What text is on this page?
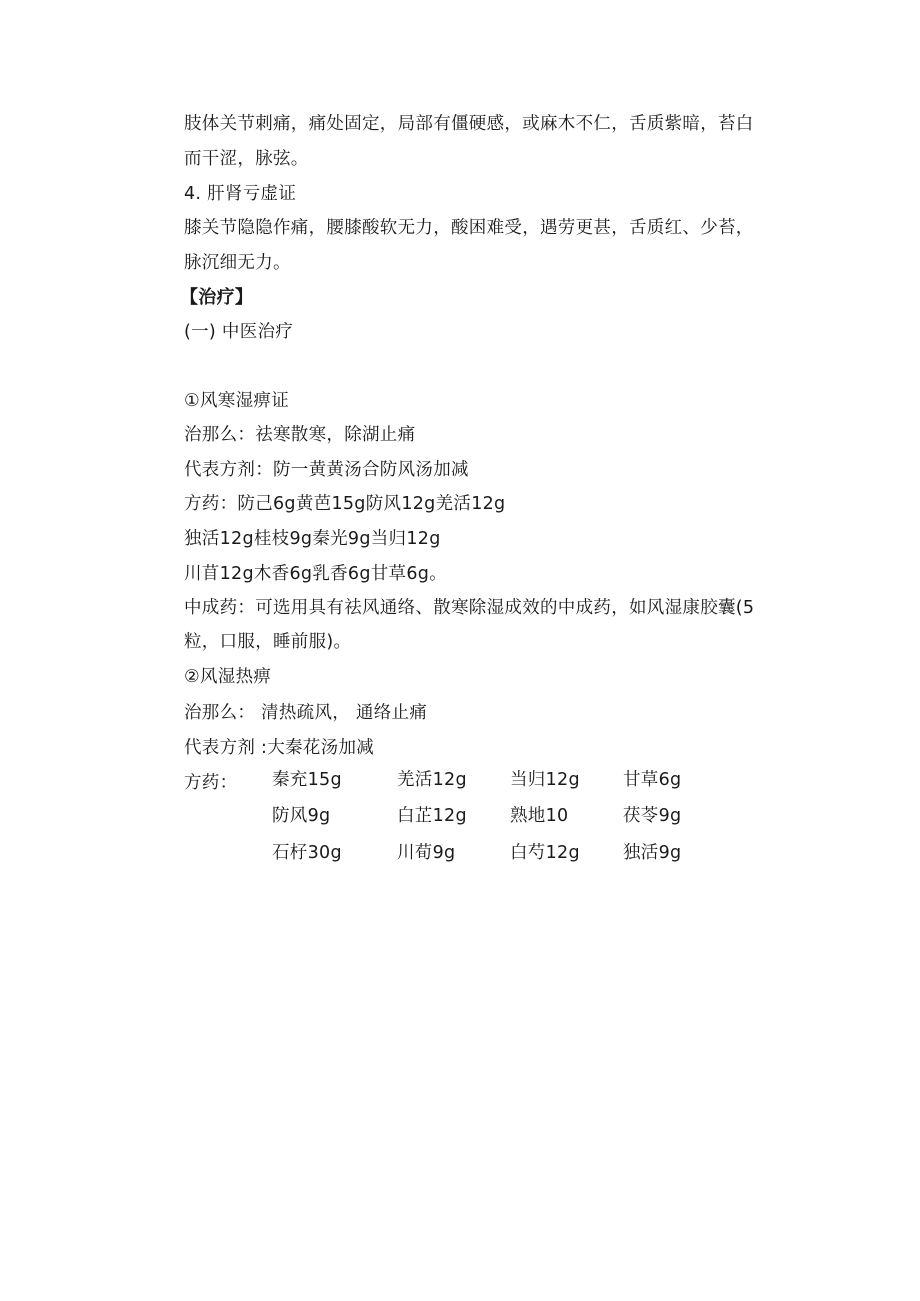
肢体关节刺痛，痛处固定，局部有僵硬感，或麻木不仁，舌质紫暗，苔白
而干涩，脉弦。
4. 肝肾亏虚证
膝关节隐隐作痛，腰膝酸软无力，酸困难受，遇劳更甚，舌质红、少苔，
脉沉细无力。
【治疗】
(一) 中医治疗
①风寒湿痹证
治那么：祛寒散寒，除湖止痛
代表方剂：防一黄黄汤合防风汤加减
方药：防己6g黄芭15g防风12g羌活12g
独活12g桂枝9g秦光9g当归12g
川苜12g木香6g乳香6g甘草6g。
中成药：可选用具有祛风通络、散寒除湿成效的中成药，如风湿康胶囊(5
粒，口服，睡前服)。
②风湿热痹
治那么： 清热疏风， 通络止痛
代表方剂 :大秦花汤加减
方药： 秦充15g	羌活12g 当归12g 甘草6g
防风9g	白芷12g 熟地10	茯苓9g
石杍30g	川荀9g	白芍12g 独活9g
